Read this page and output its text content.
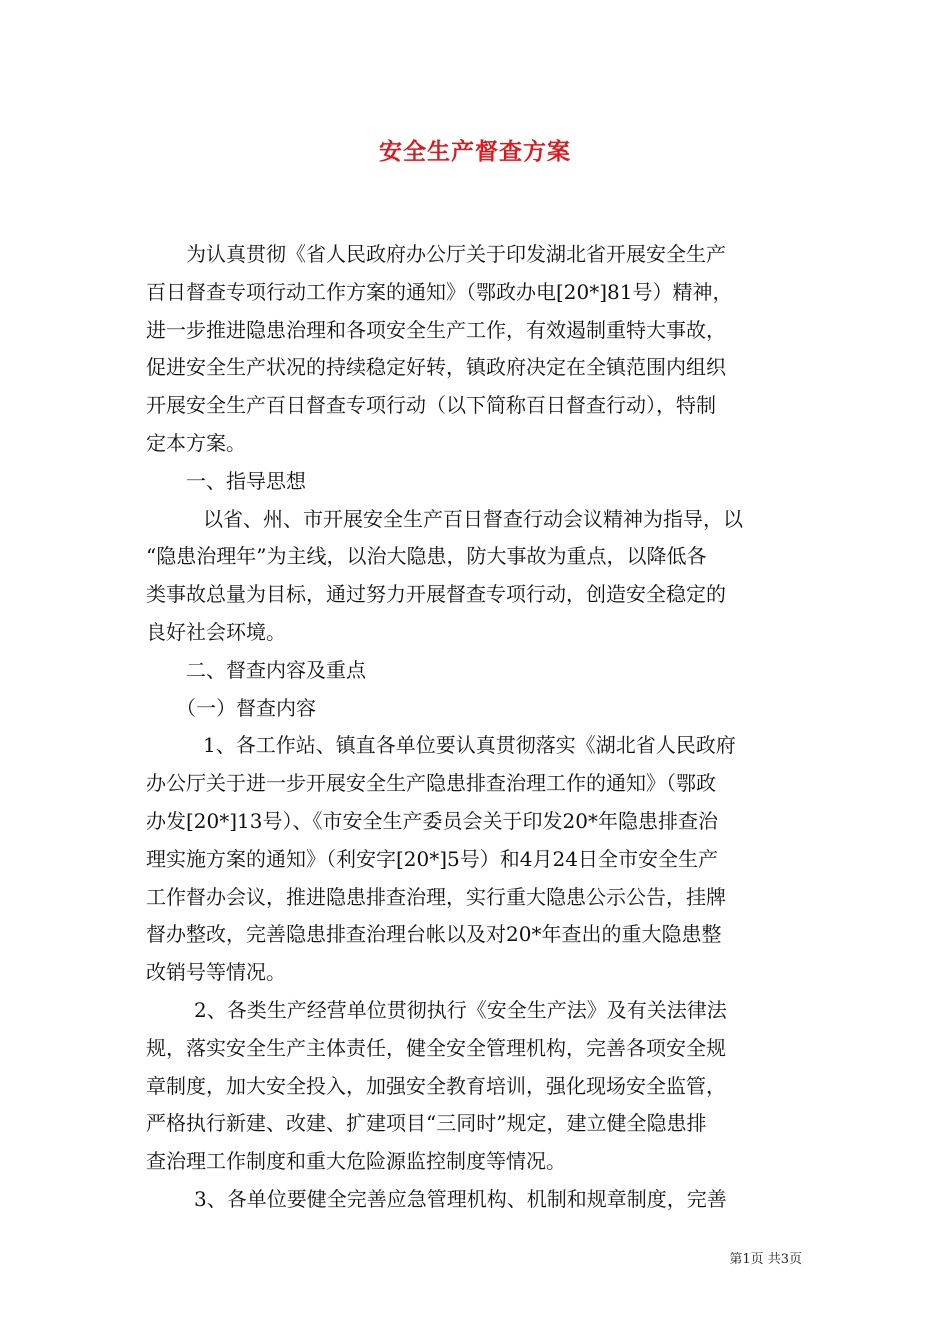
安全生产督查方案
为认真贯彻《省人民政府办公厅关于印发湖北省开展安全生产
百日督查专项行动工作方案的通知》（鄂政办电[20*]81号）精神，
进一步推进隐患治理和各项安全生产工作，有效遏制重特大事故，
促进安全生产状况的持续稳定好转，镇政府决定在全镇范围内组织
开展安全生产百日督查专项行动（以下简称百日督查行动），特制
定本方案。
一、指导思想
以省、州、市开展安全生产百日督查行动会议精神为指导，以
“隐患治理年”为主线，以治大隐患，防大事故为重点，以降低各
类事故总量为目标，通过努力开展督查专项行动，创造安全稳定的
良好社会环境。
二、督查内容及重点
（一）督查内容
1、各工作站、镇直各单位要认真贯彻落实《湖北省人民政府
办公厅关于进一步开展安全生产隐患排查治理工作的通知》（鄂政
办发[20*]13号）、《市安全生产委员会关于印发20*年隐患排查治
理实施方案的通知》（利安字[20*]5号）和4月24日全市安全生产
工作督办会议，推进隐患排查治理，实行重大隐患公示公告，挂牌
督办整改，完善隐患排查治理台帐以及对20*年查出的重大隐患整
改销号等情况。
2、各类生产经营单位贯彻执行《安全生产法》及有关法律法
规，落实安全生产主体责任，健全安全管理机构，完善各项安全规
章制度，加大安全投入，加强安全教育培训，强化现场安全监管，
严格执行新建、改建、扩建项目“三同时”规定，建立健全隐患排
查治理工作制度和重大危险源监控制度等情况。
3、各单位要健全完善应急管理机构、机制和规章制度，完善
第1页 共3页
